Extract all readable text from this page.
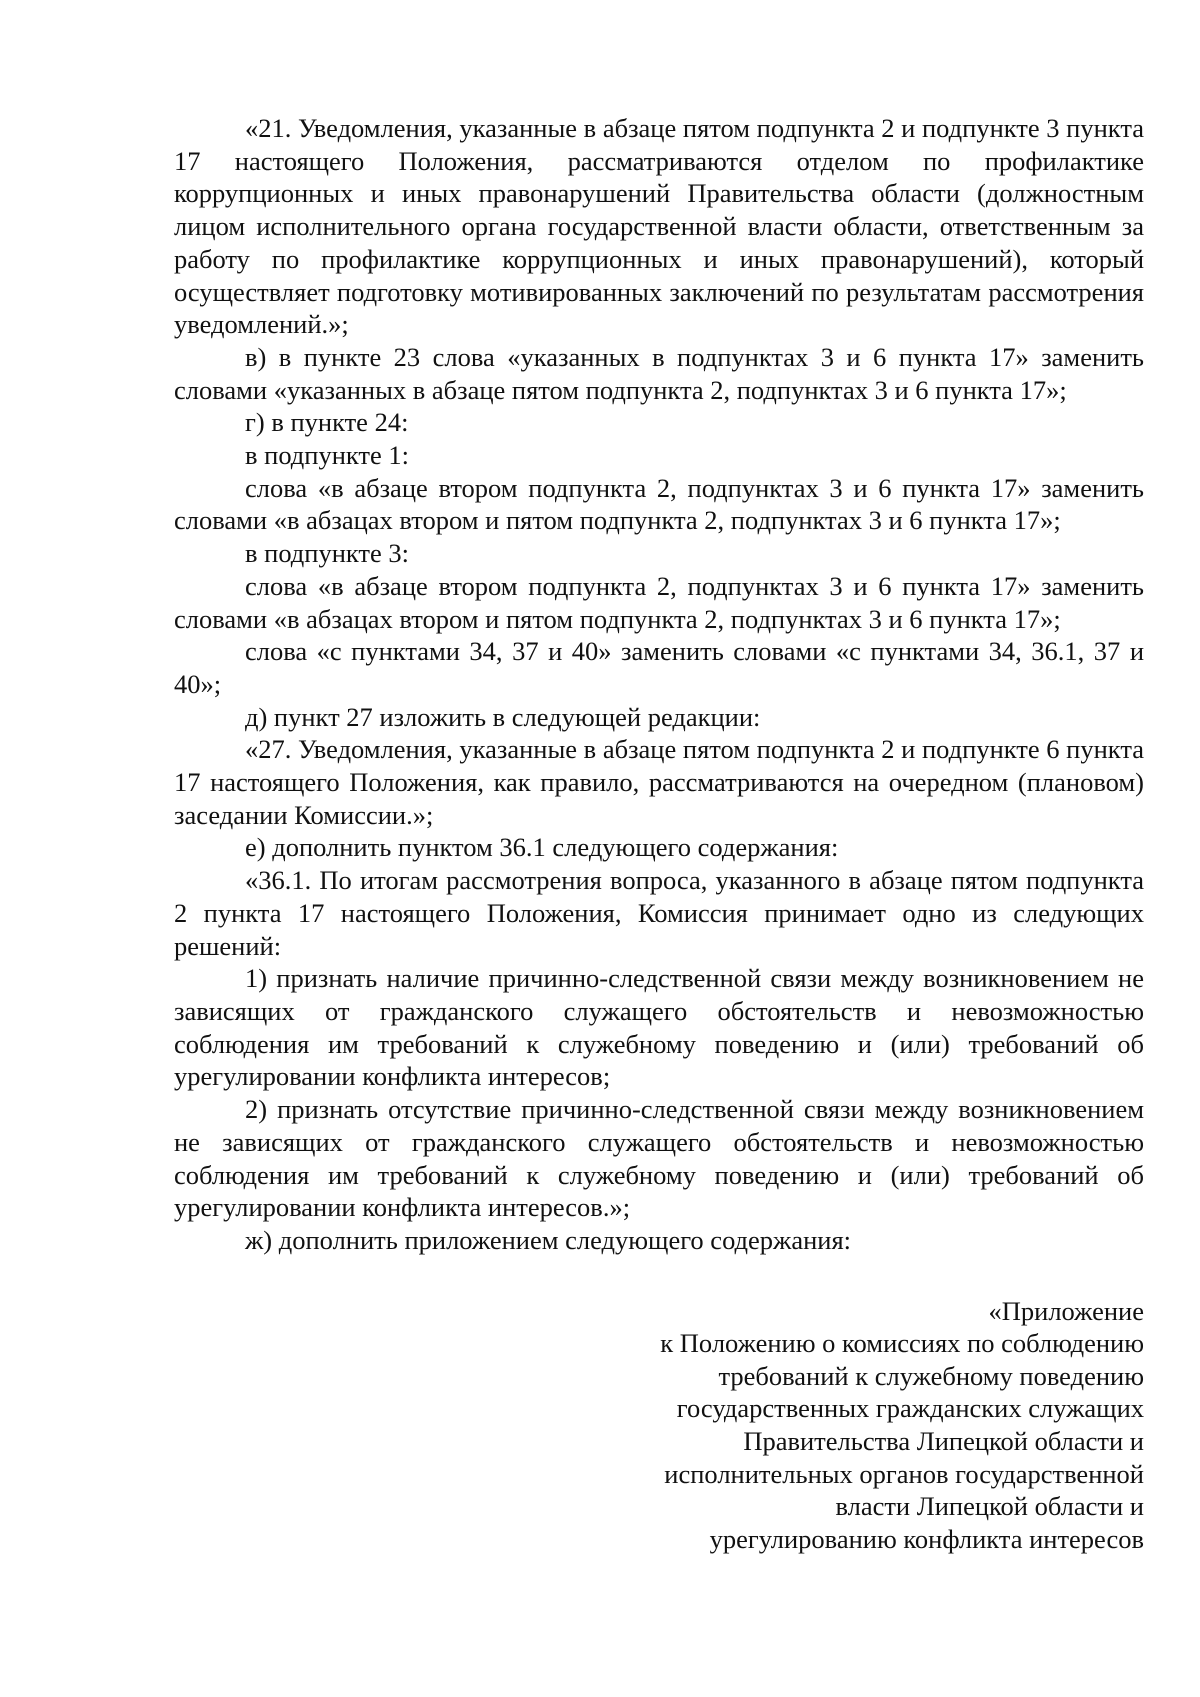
«21. Уведомления, указанные в абзаце пятом подпункта 2 и подпункте 3 пункта 17 настоящего Положения, рассматриваются отделом по профилактике коррупционных и иных правонарушений Правительства области (должностным лицом исполнительного органа государственной власти области, ответственным за работу по профилактике коррупционных и иных правонарушений), который осуществляет подготовку мотивированных заключений по результатам рассмотрения уведомлений.»;

в) в пункте 23 слова «указанных в подпунктах 3 и 6 пункта 17» заменить словами «указанных в абзаце пятом подпункта 2, подпунктах 3 и 6 пункта 17»;

г) в пункте 24:

в подпункте 1:

слова «в абзаце втором подпункта 2, подпунктах 3 и 6 пункта 17» заменить словами «в абзацах втором и пятом подпункта 2, подпунктах 3 и 6 пункта 17»;

в подпункте 3:

слова «в абзаце втором подпункта 2, подпунктах 3 и 6 пункта 17» заменить словами «в абзацах втором и пятом подпункта 2, подпунктах 3 и 6 пункта 17»;

слова «с пунктами 34, 37 и 40» заменить словами «с пунктами 34, 36.1, 37 и 40»;

д) пункт 27 изложить в следующей редакции:

«27. Уведомления, указанные в абзаце пятом подпункта 2 и подпункте 6 пункта 17 настоящего Положения, как правило, рассматриваются на очередном (плановом) заседании Комиссии.»;

е) дополнить пунктом 36.1 следующего содержания:

«36.1. По итогам рассмотрения вопроса, указанного в абзаце пятом подпункта 2 пункта 17 настоящего Положения, Комиссия принимает одно из следующих решений:

1) признать наличие причинно-следственной связи между возникновением не зависящих от гражданского служащего обстоятельств и невозможностью соблюдения им требований к служебному поведению и (или) требований об урегулировании конфликта интересов;

2) признать отсутствие причинно-следственной связи между возникновением не зависящих от гражданского служащего обстоятельств и невозможностью соблюдения им требований к служебному поведению и (или) требований об урегулировании конфликта интересов.»;

ж) дополнить приложением следующего содержания:

«Приложение
к Положению о комиссиях по соблюдению
требований к служебному поведению
государственных гражданских служащих
Правительства Липецкой области и
исполнительных органов государственной
власти Липецкой области и
урегулированию конфликта интересов
